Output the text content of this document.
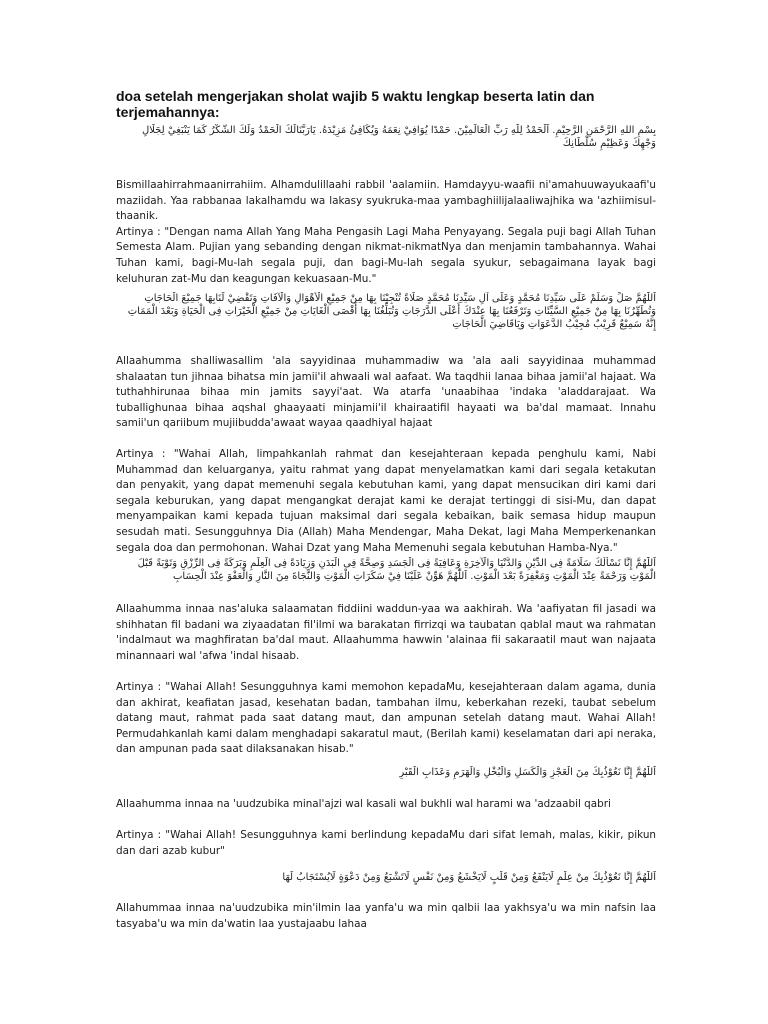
doa setelah mengerjakan sholat wajib 5 waktu lengkap beserta latin dan terjemahannya:
بِسْمِ اللهِ الرَّحْمَنِ الرَّحِيْمِ. اَلْحَمْدُ لِلّٰهِ رَبِّ الْعَالَمِيْنَ. حَمْدًا يُوَافِيْ نِعَمَهُ وَيُكَافِئُ مَزِيْدَهُ. يَارَبَّنَالَكَ الْحَمْدُ وَلَكَ الشُّكْرُ كَمَا يَنْبَغِيْ لِجَلَالِ وَجْهِكَ وَعَظِيْمِ سُلْطَانِكَ

Bismillaahirrahmaanirrahiim. Alhamdulillaahi rabbil 'aalamiin. Hamdayyu-waafii ni'amahuuwayukaafi'u maziidah. Yaa rabbanaa lakalhamdu wa lakasy syukruka-maa yambaghiilijalaaliwajhika wa 'azhiimisul-thaanik.

Artinya : "Dengan nama Allah Yang Maha Pengasih Lagi Maha Penyayang. Segala puji bagi Allah Tuhan Semesta Alam. Pujian yang sebanding dengan nikmat-nikmatNya dan menjamin tambahannya. Wahai Tuhan kami, bagi-Mu-lah segala puji, dan bagi-Mu-lah segala syukur, sebagaimana layak bagi keluhuran zat-Mu dan keagungan kekuasaan-Mu."

اَللّٰهُمَّ صَلِّ وَسَلِّمْ عَلَى سَيِّدِنَا مُحَمَّدٍ وَعَلَى آلِ سَيِّدِنَا مُحَمَّدٍ صَلَاةً تُنْجِيْنَا بِهَا مِنْ جَمِيْعِ الْأَهْوَالِ وَالْآفَاتِ وَتَقْضِيْ لَنَابِهَا جَمِيْعَ الْحَاجَاتِ وَتُطَهِّرُنَا بِهَا مِنْ جَمِيْعِ السَّيِّئَاتِ وَتَرْفَعُنَا بِهَا عِنْدَكَ أَعْلَى الدَّرَجَاتِ وَتُبَلِّغُنَا بِهَا أَقْصَى الْغَايَاتِ مِنْ جَمِيْعِ الْخَيْرَاتِ فِى الْحَيَاةِ وَبَعْدَ الْمَمَاتِ إِنَّهُ سَمِيْعٌ قَرِيْبٌ مُجِيْبُ الدَّعَوَاتِ وَيَاقَاضِيَ الْحَاجَاتِ
Allaahumma shalliwasallim 'ala sayyidinaa muhammadiw wa 'ala aali sayyidinaa muhammad shalaatan tun jihnaa bihatsa min jamii'il ahwaali wal aafaat. Wa taqdhii lanaa bihaa jamii'al hajaat. Wa tuthahhirunaa bihaa min jamits sayyi'aat. Wa atarfa 'unaabihaa 'indaka 'aladdarajaat. Wa tuballighunaa bihaa aqshal ghaayaati minjamii'il khairaatifil hayaati wa ba'dal mamaat. Innahu samii'un qariibum mujiibudda'awaat wayaa qaadhiyal hajaat
Artinya : "Wahai Allah, limpahkanlah rahmat dan kesejahteraan kepada penghulu kami, Nabi Muhammad dan keluarganya, yaitu rahmat yang dapat menyelamatkan kami dari segala ketakutan dan penyakit, yang dapat memenuhi segala kebutuhan kami, yang dapat mensucikan diri kami dari segala keburukan, yang dapat mengangkat derajat kami ke derajat tertinggi di sisi-Mu, dan dapat menyampaikan kami kepada tujuan maksimal dari segala kebaikan, baik semasa hidup maupun sesudah mati. Sesungguhnya Dia (Allah) Maha Mendengar, Maha Dekat, lagi Maha Memperkenankan segala doa dan permohonan. Wahai Dzat yang Maha Memenuhi segala kebutuhan Hamba-Nya."
اَللّٰهُمَّ إِنَّا نَسْأَلُكَ سَلَامَةً فِى الدِّيْنِ وَالدُّنْيَا وَالْآخِرَةِ وَعَافِيَةً فِى الْجَسَدِ وَصِحَّةً فِى الْبَدَنِ وَزِيَادَةً فِى الْعِلْمِ وَبَرَكَةً فِى الرِّزْقِ وَتَوْبَةً قَبْلَ الْمَوْتِ وَرَحْمَةً عِنْدَ الْمَوْتِ وَمَغْفِرَةً بَعْدَ الْمَوْتِ. اَللّٰهُمَّ هَوِّنْ عَلَيْنَا فِيْ سَكَرَاتِ الْمَوْتِ وَالنَّجَاةَ مِنَ النَّارِ وَالْعَفْوَ عِنْدَ الْحِسَابِ
Allaahumma innaa nas'aluka salaamatan fiddiini waddun-yaa wa aakhirah. Wa 'aafiyatan fil jasadi wa shihhatan fil badani wa ziyaadatan fil'ilmi wa barakatan firrizqi wa taubatan qablal maut wa rahmatan 'indalmaut wa maghfiratan ba'dal maut. Allaahumma hawwin 'alainaa fii sakaraatil maut wan najaata minannaari wal 'afwa 'indal hisaab.
Artinya : "Wahai Allah! Sesungguhnya kami memohon kepadaMu, kesejahteraan dalam agama, dunia dan akhirat, keafiatan jasad, kesehatan badan, tambahan ilmu, keberkahan rezeki, taubat sebelum datang maut, rahmat pada saat datang maut, dan ampunan setelah datang maut. Wahai Allah! Permudahkanlah kami dalam menghadapi sakaratul maut, (Berilah kami) keselamatan dari api neraka, dan ampunan pada saat dilaksanakan hisab."
اَللّٰهُمَّ إِنَّا نَعُوْذُبِكَ مِنَ الْعَجْزِ وَالْكَسَلِ وَالْبُخْلِ وَالْهَرَمِ وَعَذَابِ الْقَبْرِ
Allaahumma innaa na 'uudzubika minal'ajzi wal kasali wal bukhli wal harami wa 'adzaabil qabri
Artinya : "Wahai Allah! Sesungguhnya kami berlindung kepadaMu dari sifat lemah, malas, kikir, pikun dan dari azab kubur"
اَللّٰهُمَّ إِنَّا نَعُوْذُبِكَ مِنْ عِلْمٍ لَايَنْفَعُ وَمِنْ قَلْبٍ لَايَخْشَعُ وَمِنْ نَفْسٍ لَاتَشْبَعُ وَمِنْ دَعْوَةٍ لَايُسْتَجَابُ لَهَا
Allahummaa innaa na'uudzubika min'ilmin laa yanfa'u wa min qalbii laa yakhsya'u wa min nafsin laa tasyaba'u wa min da'watin laa yustajaabu lahaa
